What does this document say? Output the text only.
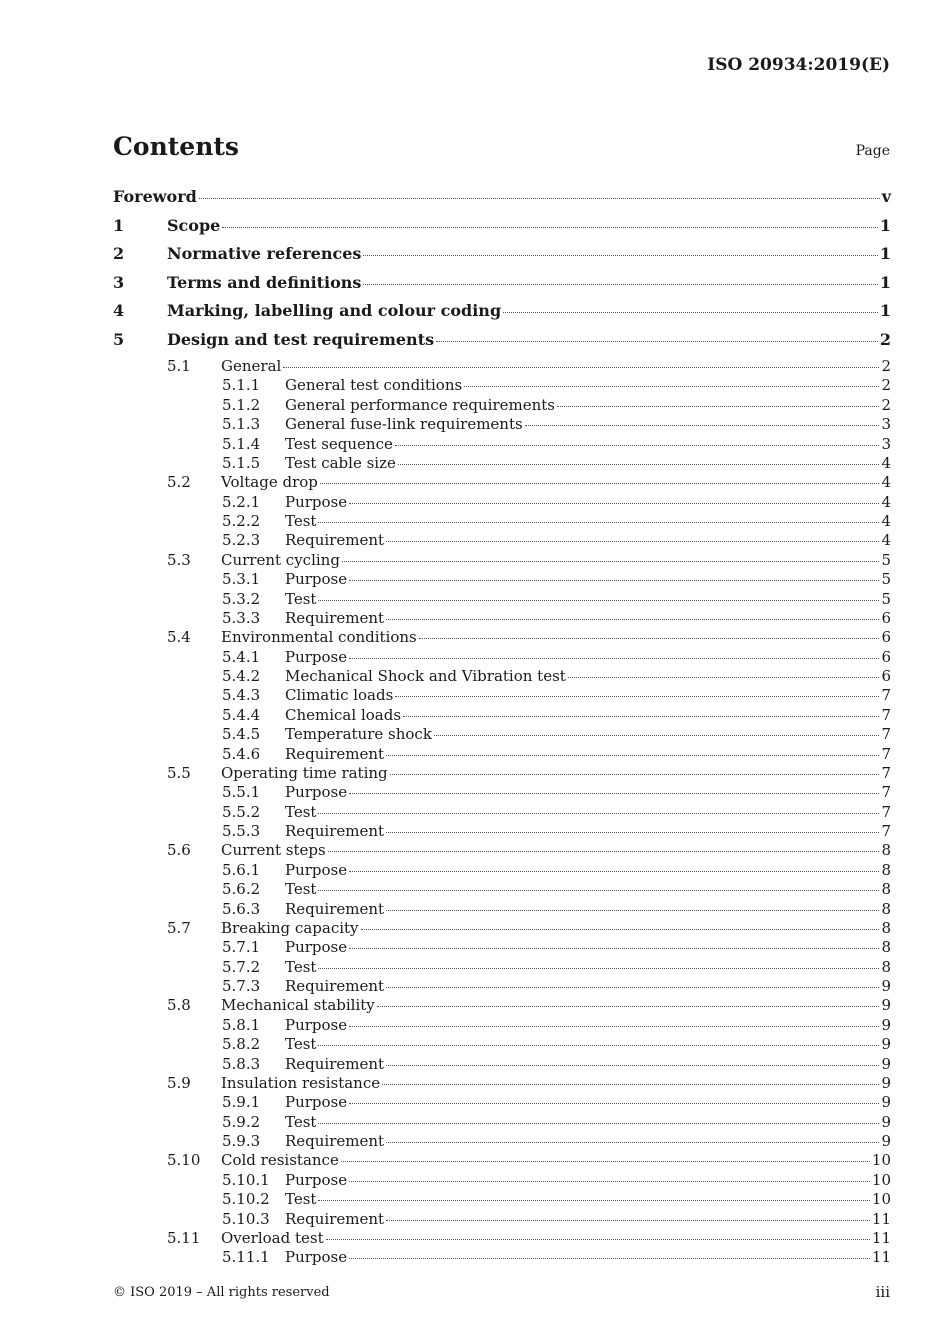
ISO 20934:2019(E)
Contents	Page
Foreword	v
1	Scope	1
2	Normative references	1
3	Terms and definitions	1
4	Marking, labelling and colour coding	1
5	Design and test requirements	2
5.1	General	2
5.1.1	General test conditions	2
5.1.2	General performance requirements	2
5.1.3	General fuse-link requirements	3
5.1.4	Test sequence	3
5.1.5	Test cable size	4
5.2	Voltage drop	4
5.2.1	Purpose	4
5.2.2	Test	4
5.2.3	Requirement	4
5.3	Current cycling	5
5.3.1	Purpose	5
5.3.2	Test	5
5.3.3	Requirement	6
5.4	Environmental conditions	6
5.4.1	Purpose	6
5.4.2	Mechanical Shock and Vibration test	6
5.4.3	Climatic loads	7
5.4.4	Chemical loads	7
5.4.5	Temperature shock	7
5.4.6	Requirement	7
5.5	Operating time rating	7
5.5.1	Purpose	7
5.5.2	Test	7
5.5.3	Requirement	7
5.6	Current steps	8
5.6.1	Purpose	8
5.6.2	Test	8
5.6.3	Requirement	8
5.7	Breaking capacity	8
5.7.1	Purpose	8
5.7.2	Test	8
5.7.3	Requirement	9
5.8	Mechanical stability	9
5.8.1	Purpose	9
5.8.2	Test	9
5.8.3	Requirement	9
5.9	Insulation resistance	9
5.9.1	Purpose	9
5.9.2	Test	9
5.9.3	Requirement	9
5.10	Cold resistance	10
5.10.1	Purpose	10
5.10.2	Test	10
5.10.3	Requirement	11
5.11	Overload test	11
5.11.1	Purpose	11
© ISO 2019 – All rights reserved	iii
